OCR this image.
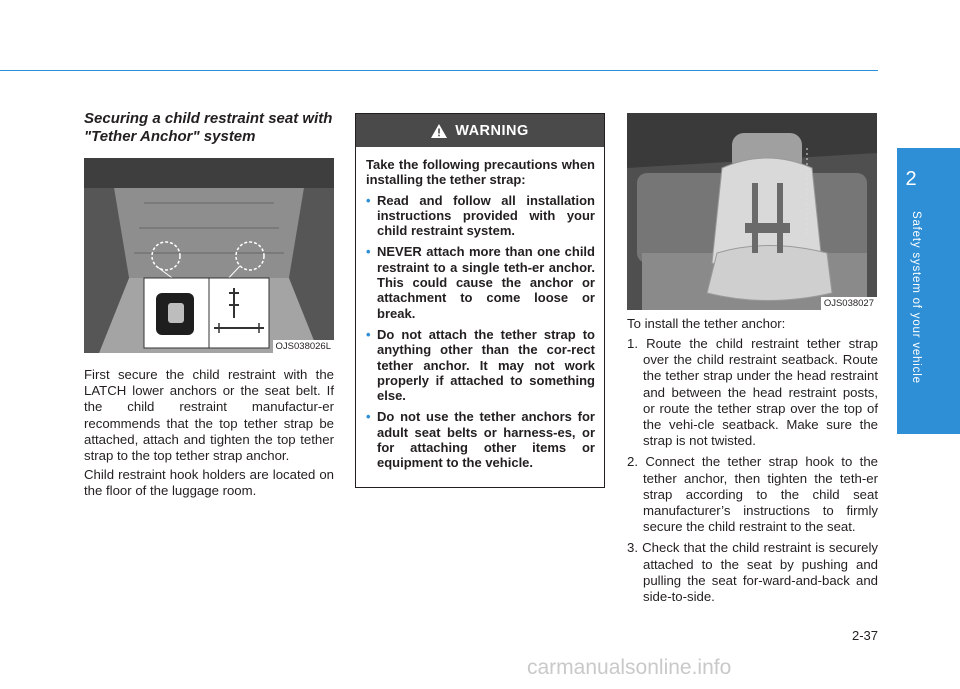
Securing a child restraint seat with "Tether Anchor" system
OJS038026L

First secure the child restraint with the LATCH lower anchors or the seat belt. If the child restraint manufactur-er recommends that the top tether strap be attached, attach and tighten the top tether strap to the top tether strap anchor.

Child restraint hook holders are located on the floor of the luggage room.

WARNING

Take the following precautions when installing the tether strap:

• Read and follow all installation instructions provided with your child restraint system.
• NEVER attach more than one child restraint to a single teth-er anchor. This could cause the anchor or attachment to come loose or break.
• Do not attach the tether strap to anything other than the cor-rect tether anchor. It may not work properly if attached to something else.
• Do not use the tether anchors for adult seat belts or harness-es, or for attaching other items or equipment to the vehicle.
OJS038027

To install the tether anchor:

1. Route the child restraint tether strap over the child restraint seatback. Route the tether strap under the head restraint and between the head restraint posts, or route the tether strap over the top of the vehi-cle seatback. Make sure the strap is not twisted.
2. Connect the tether strap hook to the tether anchor, then tighten the teth-er strap according to the child seat manufacturer’s instructions to firmly secure the child restraint to the seat.
3. Check that the child restraint is securely attached to the seat by pushing and pulling the seat for-ward-and-back and side-to-side.
2
Safety system of your vehicle
2-37
carmanualsonline.info
